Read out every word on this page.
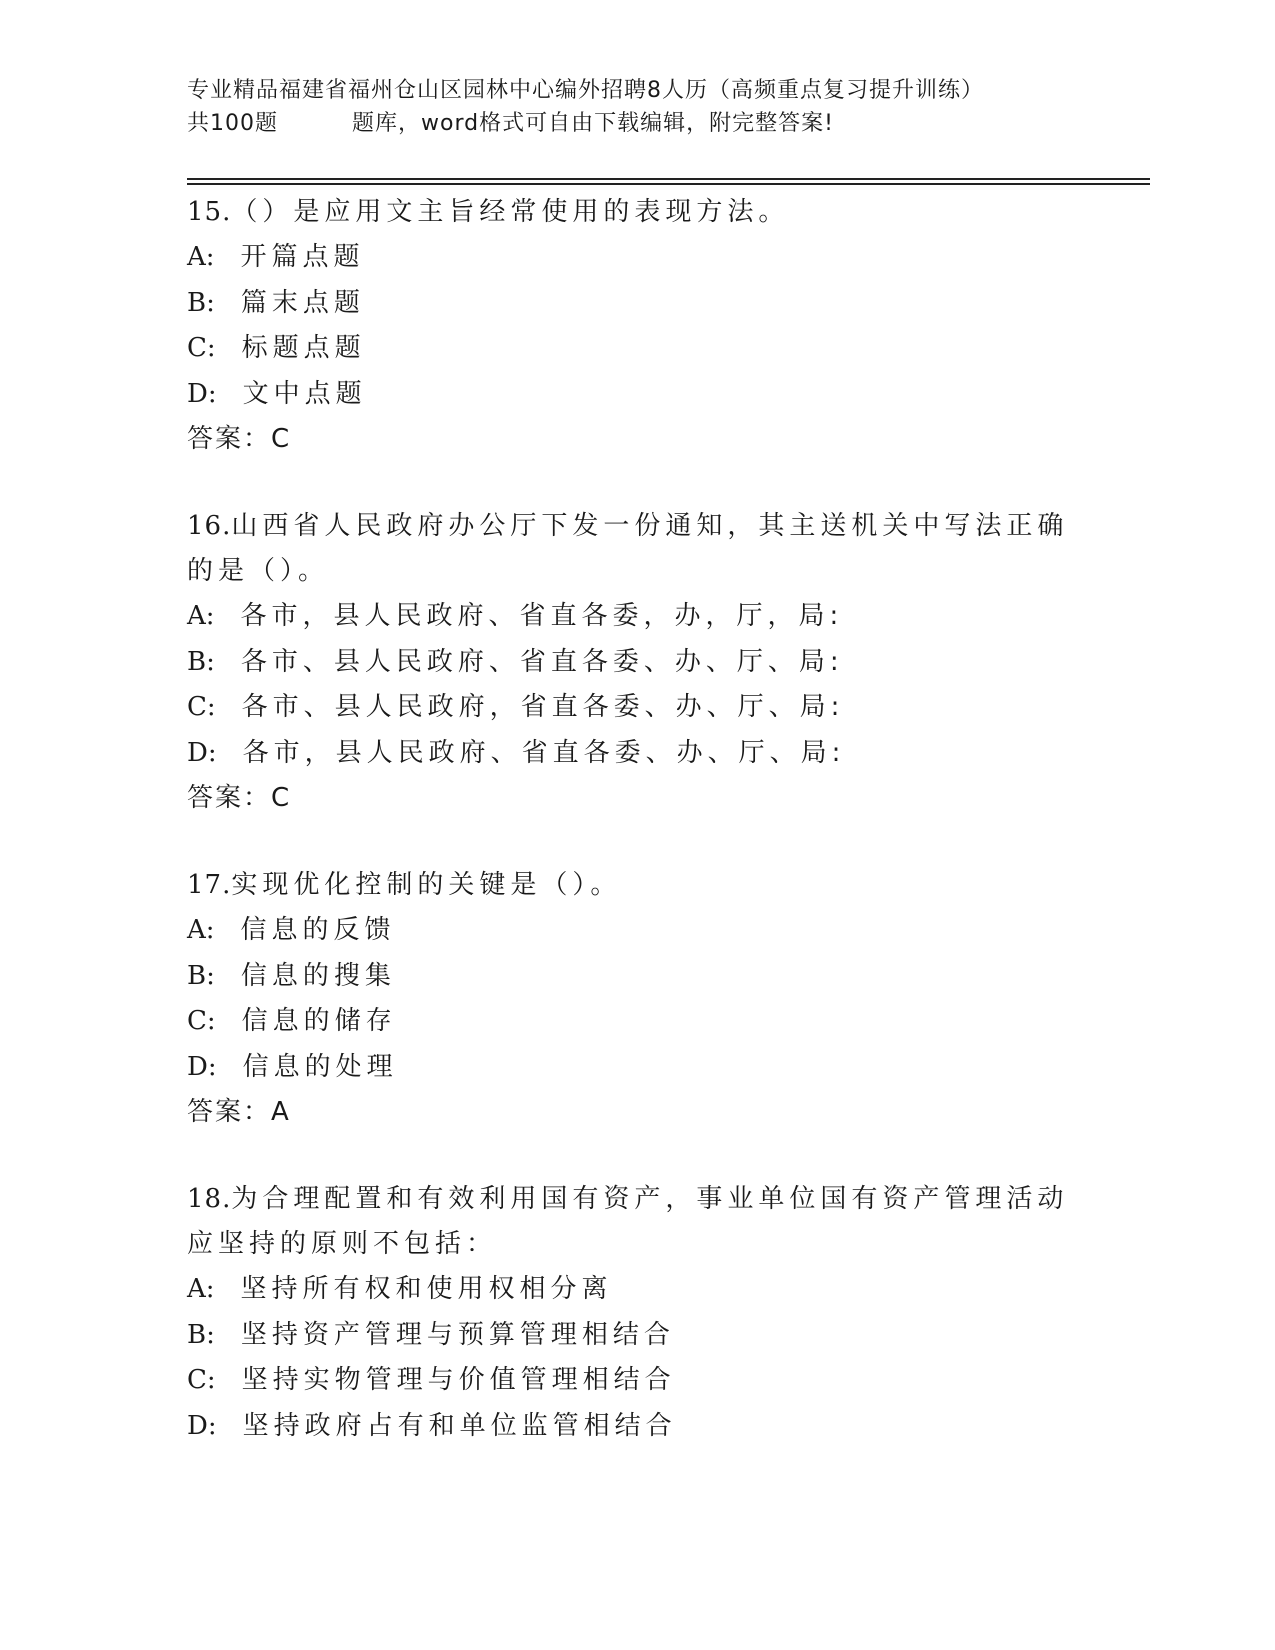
专业精品福建省福州仓山区园林中心编外招聘8人历（高频重点复习提升训练）
共100题	题库，word格式可自由下载编辑，附完整答案!
15.（）是应用文主旨经常使用的表现方法。
A: 开篇点题
B: 篇末点题
C: 标题点题
D: 文中点题
答案：C
16.山西省人民政府办公厅下发一份通知，其主送机关中写法正确的是（）。
A: 各市，县人民政府、省直各委，办，厅，局:
B: 各市、县人民政府、省直各委、办、厅、局:
C: 各市、县人民政府，省直各委、办、厅、局:
D: 各市，县人民政府、省直各委、办、厅、局:
答案：C
17.实现优化控制的关键是（）。
A: 信息的反馈
B: 信息的搜集
C: 信息的储存
D: 信息的处理
答案：A
18.为合理配置和有效利用国有资产，事业单位国有资产管理活动应坚持的原则不包括：
A: 坚持所有权和使用权相分离
B: 坚持资产管理与预算管理相结合
C: 坚持实物管理与价值管理相结合
D: 坚持政府占有和单位监管相结合
